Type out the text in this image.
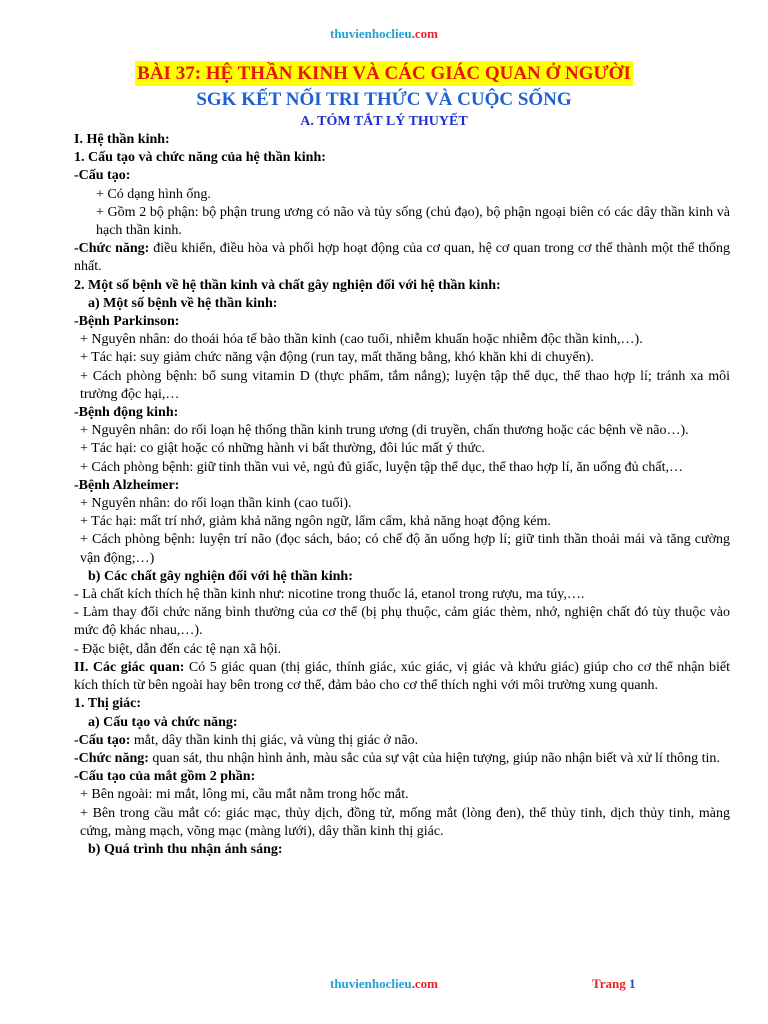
thuvienhoclieu.com
BÀI 37: HỆ THẦN KINH VÀ CÁC GIÁC QUAN Ở NGƯỜI
SGK KẾT NỐI TRI THỨC VÀ CUỘC SỐNG
A. TÓM TẮT LÝ THUYẾT

I. Hệ thần kinh:

1. Cấu tạo và chức năng của hệ thần kinh:

-Cấu tạo:

+ Có dạng hình ống.

+ Gồm 2 bộ phận: bộ phận trung ương có não và tủy sống (chủ đạo), bộ phận ngoại biên có các dây thần kinh và hạch thần kinh.

-Chức năng: điều khiển, điều hòa và phối hợp hoạt động của cơ quan, hệ cơ quan trong cơ thể thành một thể thống nhất.

2. Một số bệnh về hệ thần kinh và chất gây nghiện đối với hệ thần kinh:

a) Một số bệnh về hệ thần kinh:

-Bệnh Parkinson:

+ Nguyên nhân: do thoái hóa tế bào thần kinh (cao tuổi, nhiễm khuẩn hoặc nhiễm độc thần kinh,…).

+ Tác hại: suy giảm chức năng vận động (run tay, mất thăng bằng, khó khăn khi di chuyển).

+ Cách phòng bệnh: bổ sung vitamin D (thực phẩm, tắm nắng); luyện tập thể dục, thể thao hợp lí; tránh xa môi trường độc hại,…

-Bệnh động kinh:

+ Nguyên nhân: do rối loạn hệ thống thần kinh trung ương (di truyền, chấn thương hoặc các bệnh về não…).

+ Tác hại: co giật hoặc có những hành vi bất thường, đôi lúc mất ý thức.

+ Cách phòng bệnh: giữ tinh thần vui vẻ, ngủ đủ giấc, luyện tập thể dục, thể thao hợp lí, ăn uống đủ chất,…

-Bệnh Alzheimer:

+ Nguyên nhân: do rối loạn thần kinh (cao tuổi).

+ Tác hại: mất trí nhớ, giảm khả năng ngôn ngữ, lẩm cẩm, khả năng hoạt động kém.

+ Cách phòng bệnh: luyện trí não (đọc sách, báo; có chế độ ăn uống hợp lí; giữ tinh thần thoải mái và tăng cường vận động;…)

b) Các chất gây nghiện đối với hệ thần kinh:

- Là chất kích thích hệ thần kinh như: nicotine trong thuốc lá, etanol trong rượu, ma túy,….

- Làm thay đổi chức năng bình thường của cơ thể (bị phụ thuộc, cảm giác thèm, nhớ, nghiện chất đó tùy thuộc vào mức độ khác nhau,…).

- Đặc biệt, dẫn đến các tệ nạn xã hội.

II. Các giác quan: Có 5 giác quan (thị giác, thính giác, xúc giác, vị giác và khứu giác) giúp cho cơ thể nhận biết kích thích từ bên ngoài hay bên trong cơ thể, đảm bảo cho cơ thể thích nghi với môi trường xung quanh.

1. Thị giác:

a) Cấu tạo và chức năng:

-Cấu tạo: mắt, dây thần kinh thị giác, và vùng thị giác ở não.

-Chức năng: quan sát, thu nhận hình ảnh, màu sắc của sự vật của hiện tượng, giúp não nhận biết và xử lí thông tin.

-Cấu tạo của mắt gồm 2 phần:

+ Bên ngoài: mi mắt, lông mi, cầu mắt nằm trong hốc mắt.

+ Bên trong cầu mắt có: giác mạc, thủy dịch, đồng tử, mống mắt (lòng đen), thể thủy tinh, dịch thủy tinh, màng cứng, màng mạch, võng mạc (màng lưới), dây thần kinh thị giác.

b) Quá trình thu nhận ánh sáng:

thuvienhoclieu.com	Trang 1
